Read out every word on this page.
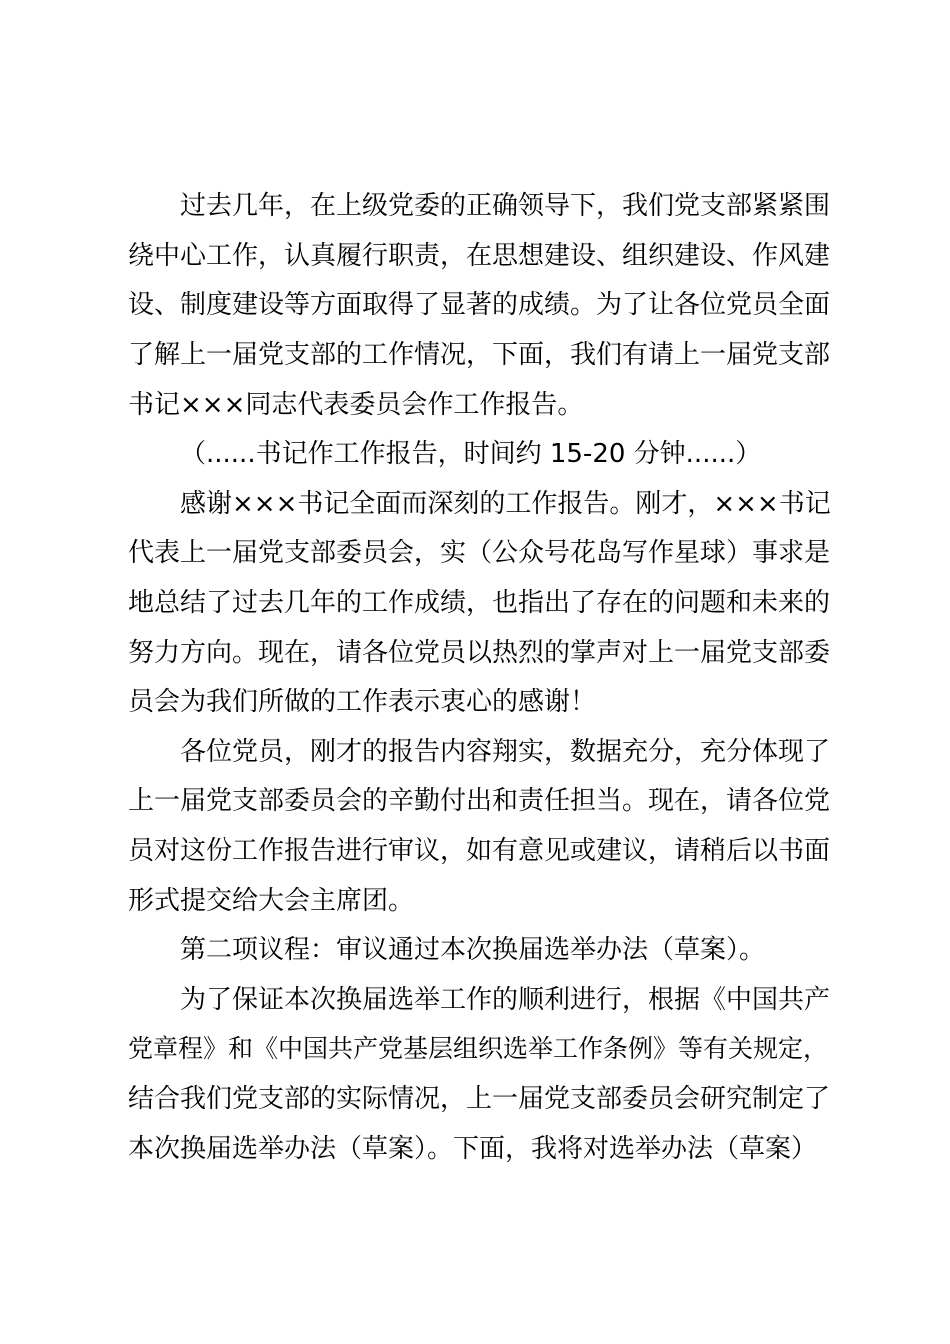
过去几年，在上级党委的正确领导下，我们党支部紧紧围
绕中心工作，认真履行职责，在思想建设、组织建设、作风建
设、制度建设等方面取得了显著的成绩。为了让各位党员全面
了解上一届党支部的工作情况，下面，我们有请上一届党支部
书记×××同志代表委员会作工作报告。
（......书记作工作报告，时间约 15-20 分钟......）
感谢×××书记全面而深刻的工作报告。刚才，×××书记
代表上一届党支部委员会，实（公众号花岛写作星球）事求是
地总结了过去几年的工作成绩，也指出了存在的问题和未来的
努力方向。现在，请各位党员以热烈的掌声对上一届党支部委
员会为我们所做的工作表示衷心的感谢！
各位党员，刚才的报告内容翔实，数据充分，充分体现了
上一届党支部委员会的辛勤付出和责任担当。现在，请各位党
员对这份工作报告进行审议，如有意见或建议，请稍后以书面
形式提交给大会主席团。
第二项议程：审议通过本次换届选举办法（草案）。
为了保证本次换届选举工作的顺利进行，根据《中国共产
党章程》和《中国共产党基层组织选举工作条例》等有关规定，
结合我们党支部的实际情况，上一届党支部委员会研究制定了
本次换届选举办法（草案）。下面，我将对选举办法（草案）
